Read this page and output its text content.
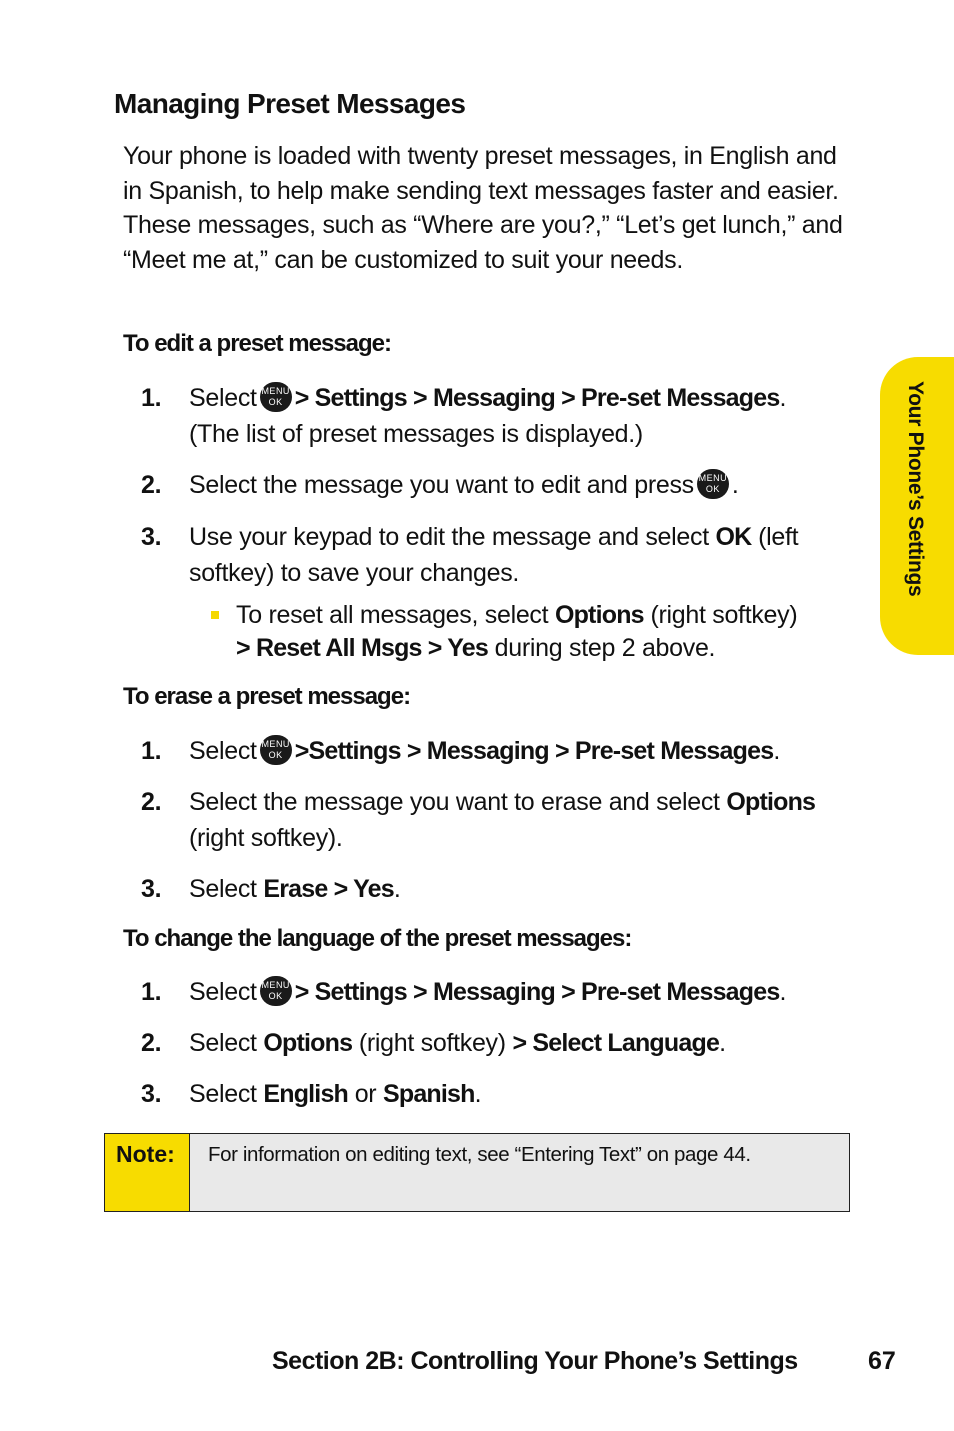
Managing Preset Messages

Your phone is loaded with twenty preset messages, in English and in Spanish, to help make sending text messages faster and easier. These messages, such as “Where are you?,” “Let’s get lunch,” and “Meet me at,” can be customized to suit your needs.

To edit a preset message:
1. Select MENU
OK > Settings > Messaging > Pre-set Messages.
(The list of preset messages is displayed.)
2. Select the message you want to edit and press MENU
OK .
3. Use your keypad to edit the message and select OK (left softkey) to save your changes.
To reset all messages, select Options (right softkey)
> Reset All Msgs > Yes during step 2 above.
To erase a preset message:
1. Select MENU
OK >Settings > Messaging > Pre-set Messages.
2. Select the message you want to erase and select Options
(right softkey).
3. Select Erase > Yes.
To change the language of the preset messages:
1. Select MENU
OK > Settings > Messaging > Pre-set Messages.
2. Select Options (right softkey) > Select Language.
3. Select English or Spanish.
Note:	For information on editing text, see “Entering Text” on page 44.
Your Phone’s Settings
Section 2B: Controlling Your Phone’s Settings	67
